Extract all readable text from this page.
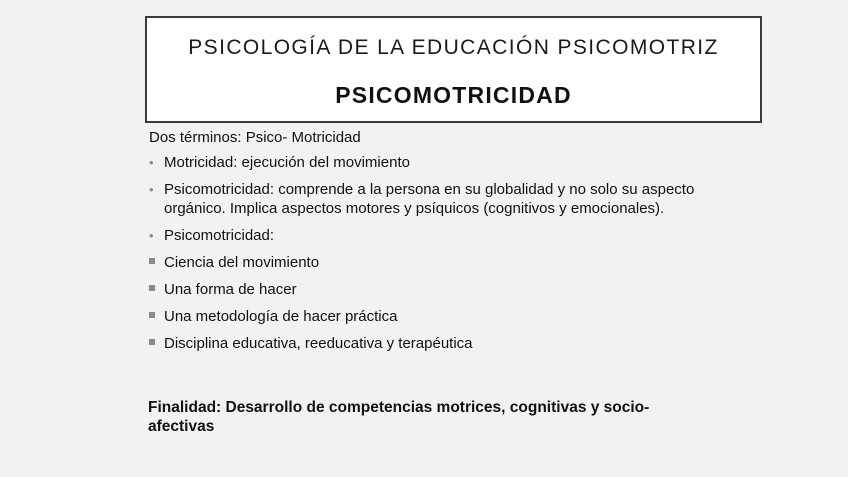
PSICOLOGÍA DE LA EDUCACIÓN PSICOMOTRIZ
PSICOMOTRICIDAD
Dos términos: Psico- Motricidad
• Motricidad: ejecución del movimiento
• Psicomotricidad: comprende a la persona en su globalidad y no solo su aspecto orgánico. Implica aspectos motores y psíquicos (cognitivos y emocionales).
• Psicomotricidad:
Ciencia del movimiento
Una forma de hacer
Una metodología de hacer práctica
Disciplina educativa, reeducativa y terapéutica
Finalidad: Desarrollo de competencias motrices, cognitivas y socio-afectivas
